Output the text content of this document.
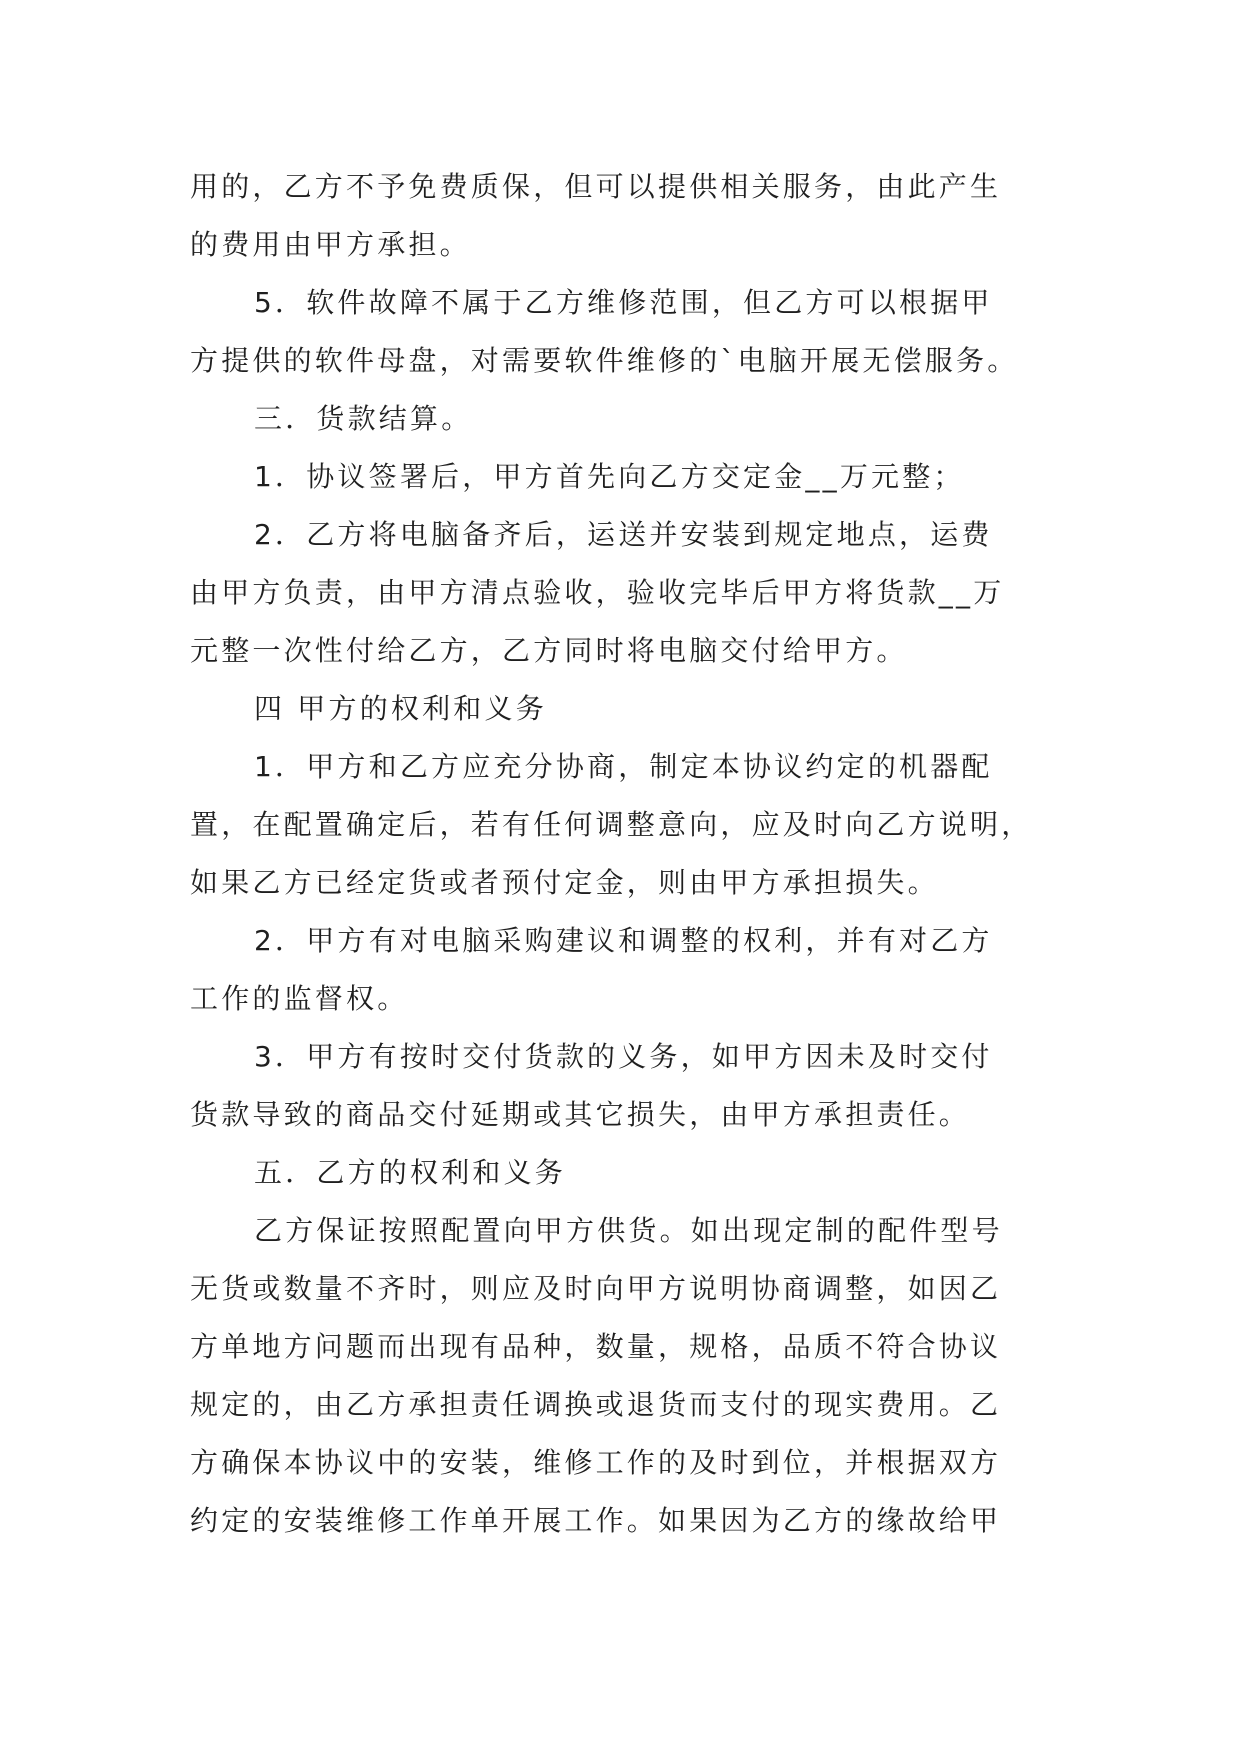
用的，乙方不予免费质保，但可以提供相关服务，由此产生
的费用由甲方承担。
5．软件故障不属于乙方维修范围，但乙方可以根据甲
方提供的软件母盘，对需要软件维修的`电脑开展无偿服务。
三．货款结算。
1．协议签署后，甲方首先向乙方交定金__万元整；
2．乙方将电脑备齐后，运送并安装到规定地点，运费
由甲方负责，由甲方清点验收，验收完毕后甲方将货款__万
元整一次性付给乙方，乙方同时将电脑交付给甲方。
四 甲方的权利和义务
1．甲方和乙方应充分协商，制定本协议约定的机器配
置，在配置确定后，若有任何调整意向，应及时向乙方说明，
如果乙方已经定货或者预付定金，则由甲方承担损失。
2．甲方有对电脑采购建议和调整的权利，并有对乙方
工作的监督权。
3．甲方有按时交付货款的义务，如甲方因未及时交付
货款导致的商品交付延期或其它损失，由甲方承担责任。
五．乙方的权利和义务
乙方保证按照配置向甲方供货。如出现定制的配件型号
无货或数量不齐时，则应及时向甲方说明协商调整，如因乙
方单地方问题而出现有品种，数量，规格，品质不符合协议
规定的，由乙方承担责任调换或退货而支付的现实费用。乙
方确保本协议中的安装，维修工作的及时到位，并根据双方
约定的安装维修工作单开展工作。如果因为乙方的缘故给甲
